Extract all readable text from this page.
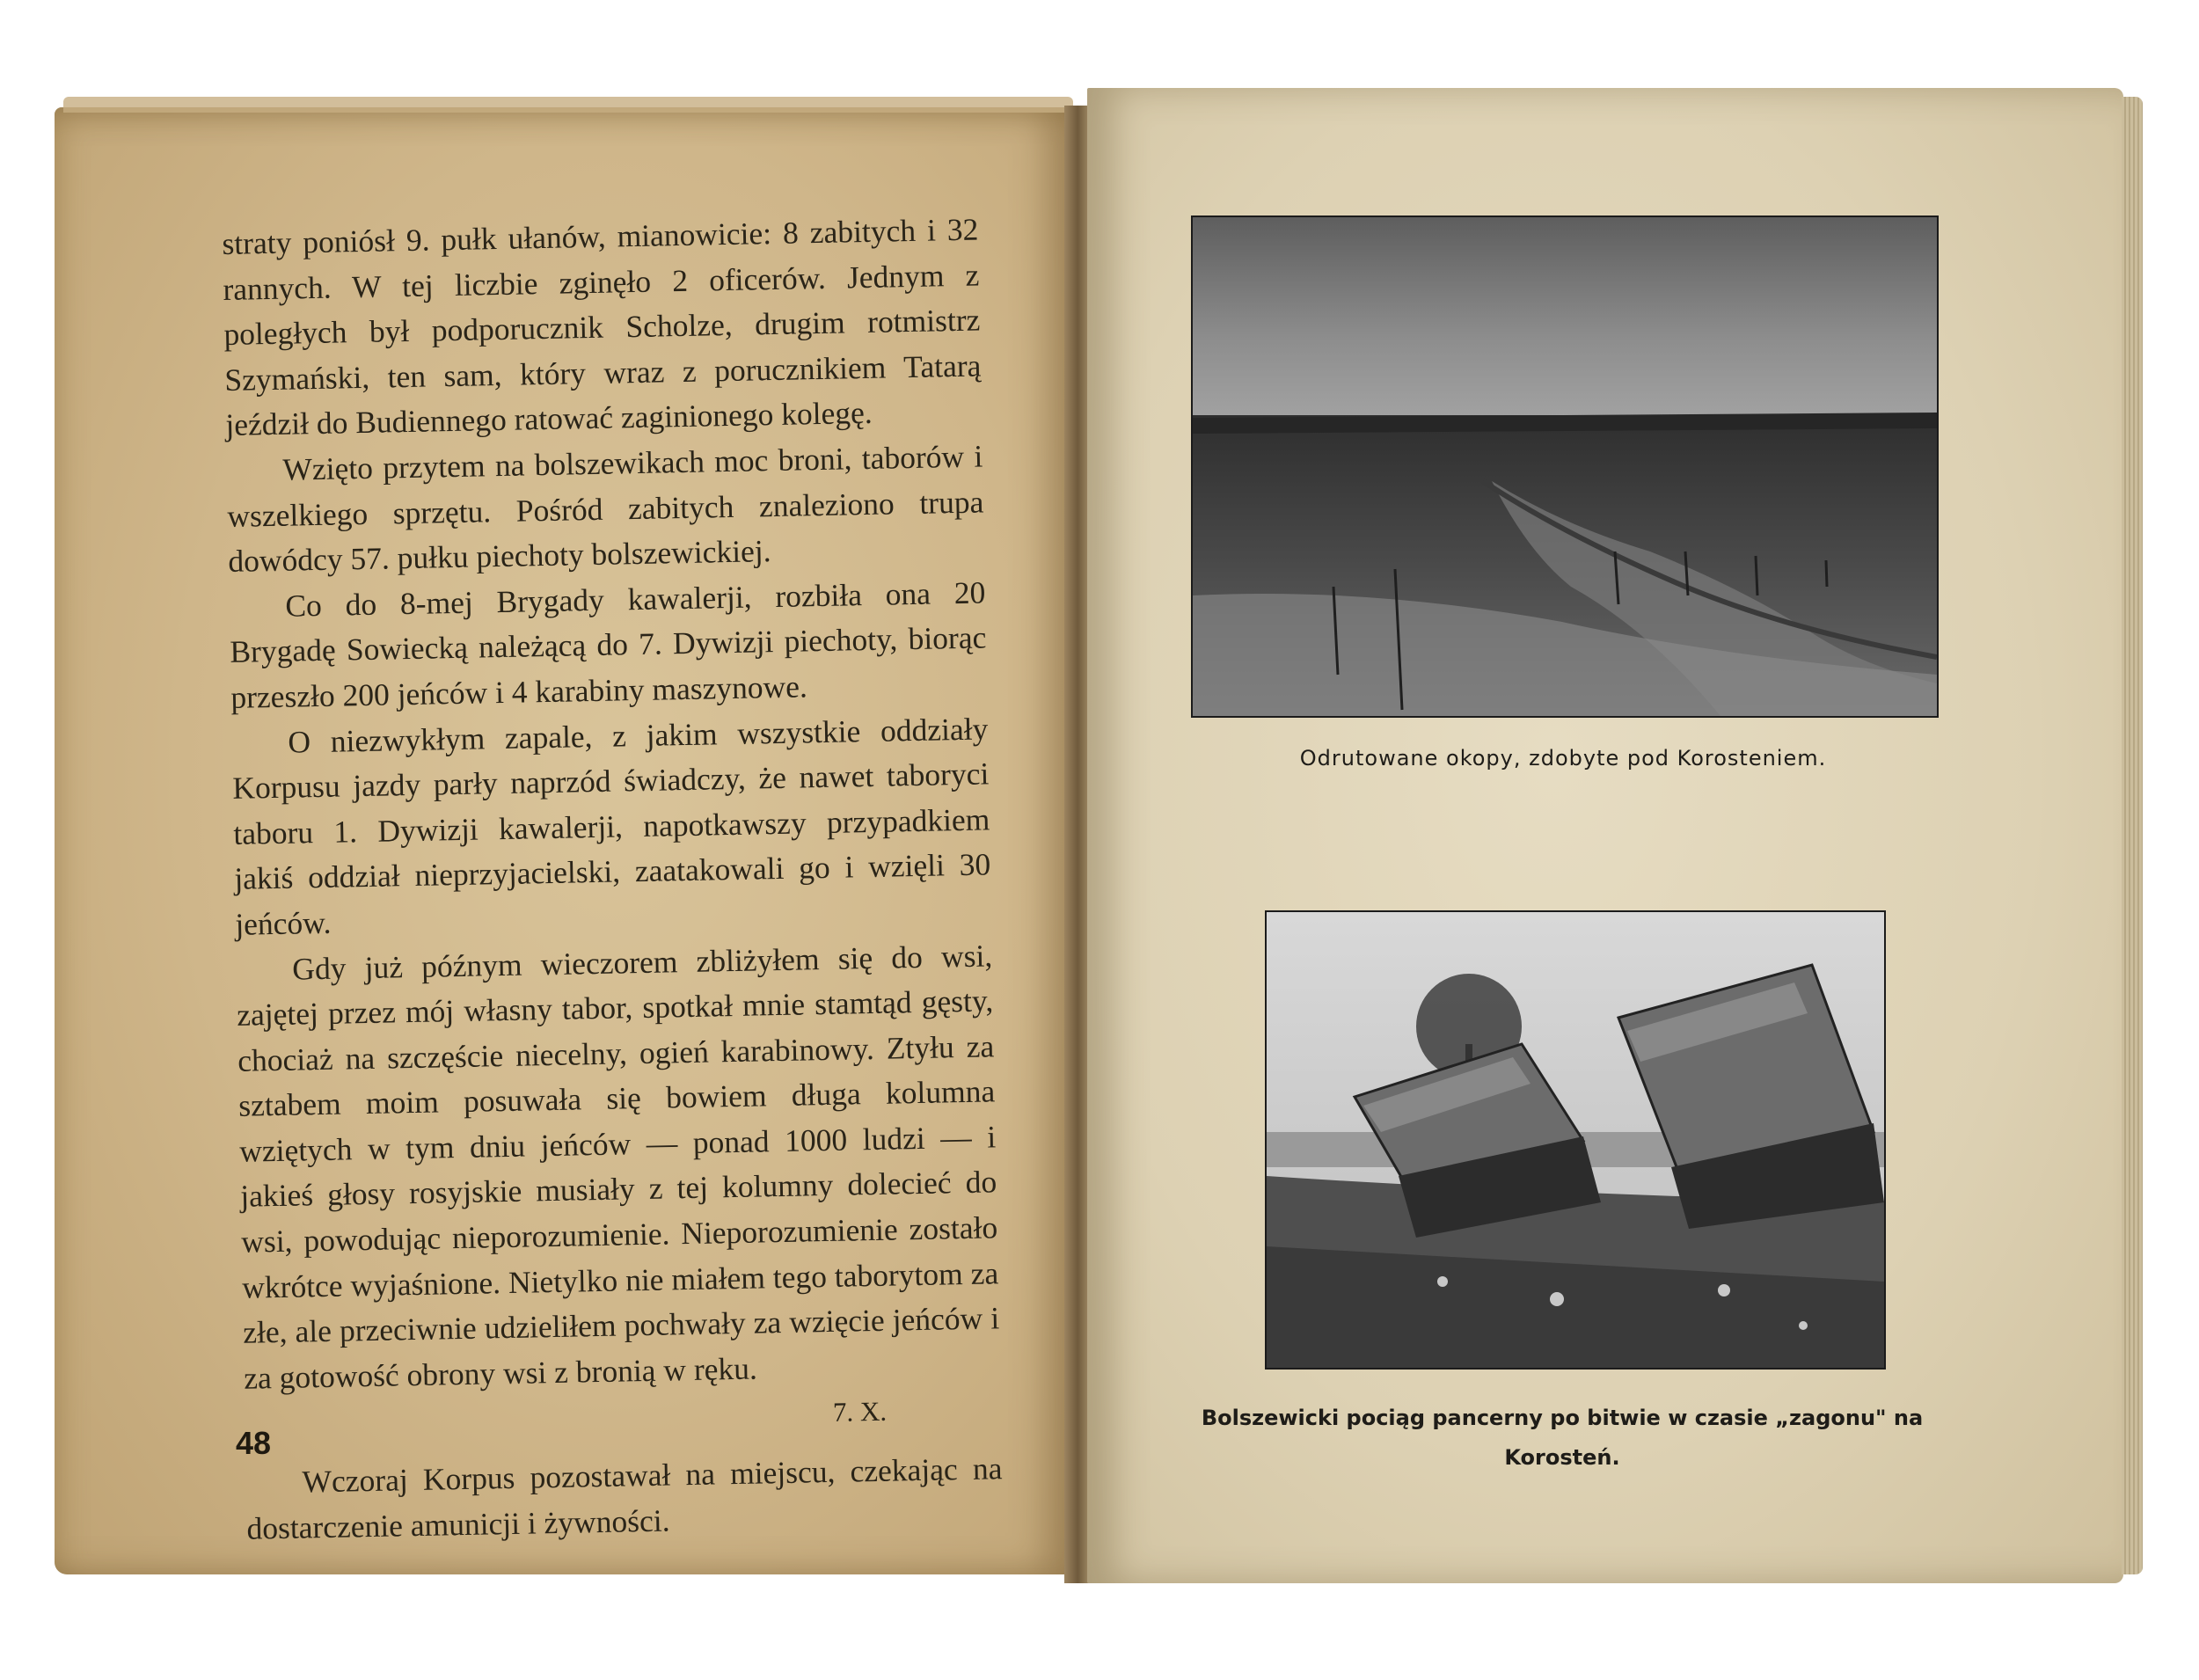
straty poniósł 9. pułk ułanów, mianowicie: 8 zabitych i 32 rannych. W tej liczbie zginęło 2 oficerów. Jednym z poległych był podporucznik Scholze, drugim rotmistrz Szymański, ten sam, który wraz z porucznikiem Tatarą jeździł do Budiennego ratować zaginionego kolegę.

Wzięto przytem na bolszewikach moc broni, taborów i wszelkiego sprzętu. Pośród zabitych znaleziono trupa dowódcy 57. pułku piechoty bolszewickiej.

Co do 8-mej Brygady kawalerji, rozbiła ona 20 Brygadę Sowiecką należącą do 7. Dywizji piechoty, biorąc przeszło 200 jeńców i 4 karabiny maszynowe.

O niezwykłym zapale, z jakim wszystkie oddziały Korpusu jazdy parły naprzód świadczy, że nawet taboryci taboru 1. Dywizji kawalerji, napotkawszy przypadkiem jakiś oddział nieprzyjacielski, zaatakowali go i wzięli 30 jeńców.

Gdy już późnym wieczorem zbliżyłem się do wsi, zajętej przez mój własny tabor, spotkał mnie stamtąd gęsty, chociaż na szczęście niecelny, ogień karabinowy. Ztyłu za sztabem moim posuwała się bowiem długa kolumna wziętych w tym dniu jeńców — ponad 1000 ludzi — i jakieś głosy rosyjskie musiały z tej kolumny dolecieć do wsi, powodując nieporozumienie. Nieporozumienie zostało wkrótce wyjaśnione. Nietylko nie miałem tego taborytom za złe, ale przeciwnie udzieliłem pochwały za wzięcie jeńców i za gotowość obrony wsi z bronią w ręku.

7. X.

Wczoraj Korpus pozostawał na miejscu, czekając na dostarczenie amunicji i żywności.

48
Odrutowane okopy, zdobyte pod Korosteniem.
Bolszewicki pociąg pancerny po bitwie w czasie „zagonu" na Korosteń.
